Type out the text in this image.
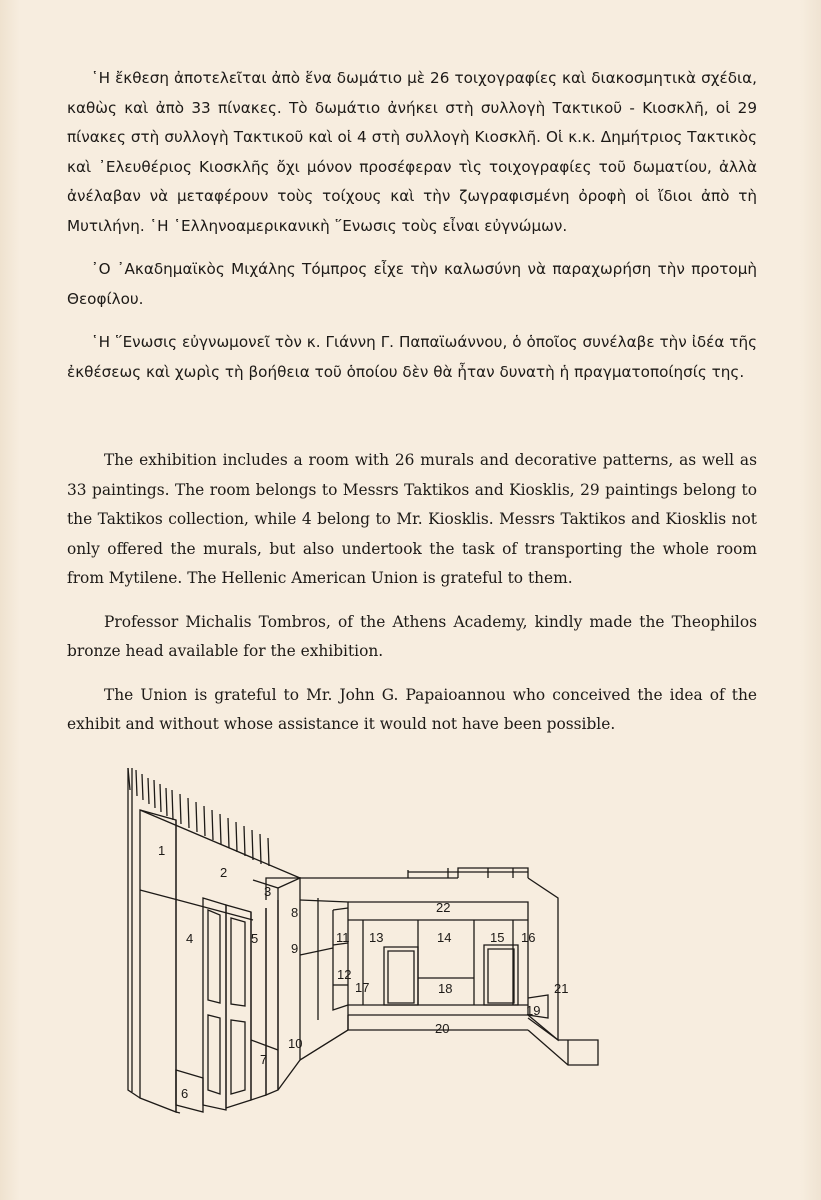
῾Η ἔκθεση ἀποτελεῖται ἀπὸ ἕνα δωμάτιο μὲ 26 τοιχογραφίες καὶ διακοσμητικὰ σχέδια, καθὼς καὶ ἀπὸ 33 πίνακες. Τὸ δωμάτιο ἀνήκει στὴ συλλογὴ Τακτικοῦ - Κιοσκλῆ, οἱ 29 πίνακες στὴ συλλογὴ Τακτικοῦ καὶ οἱ 4 στὴ συλλογὴ Κιοσκλῆ. Οἱ κ.κ. Δημήτριος Τακτικὸς καὶ ᾿Ελευθέριος Κιοσκλῆς ὄχι μόνον προσέφεραν τὶς τοιχογραφίες τοῦ δωματίου, ἀλλὰ ἀνέλαβαν νὰ μεταφέρουν τοὺς τοίχους καὶ τὴν ζωγραφισμένη ὀροφὴ οἱ ἴδιοι ἀπὸ τὴ Μυτιλήνη. ῾Η ῾Ελληνοαμερικανικὴ ῞Ενωσις τοὺς εἶναι εὐγνώμων.

᾿Ο ᾿Ακαδημαϊκὸς Μιχάλης Τόμπρος εἶχε τὴν καλωσύνη νὰ παραχωρήση τὴν προτομὴ Θεοφίλου.

῾Η ῞Ενωσις εὐγνωμονεῖ τὸν κ. Γιάννη Γ. Παπαϊωάννου, ὁ ὁποῖος συνέλαβε τὴν ἰδέα τῆς ἐκθέσεως καὶ χωρὶς τὴ βοήθεια τοῦ ὁποίου δὲν θὰ ἦταν δυνατὴ ἡ πραγματοποίησίς της.

The exhibition includes a room with 26 murals and decorative patterns, as well as 33 paintings. The room belongs to Messrs Taktikos and Kiosklis, 29 paintings belong to the Taktikos collection, while 4 belong to Mr. Kiosklis. Messrs Taktikos and Kiosklis not only offered the murals, but also undertook the task of transporting the whole room from Mytilene. The Hellenic American Union is grateful to them.

Professor Michalis Tombros, of the Athens Academy, kindly made the Theophilos bronze head available for the exhibition.

The Union is grateful to Mr. John G. Papaioannou who conceived the idea of the exhibit and without whose assistance it would not have been possible.

1
2
3
4	5
6
7
8
9
10
11
12
13	14	15 16
17	18
19
20
21
22
